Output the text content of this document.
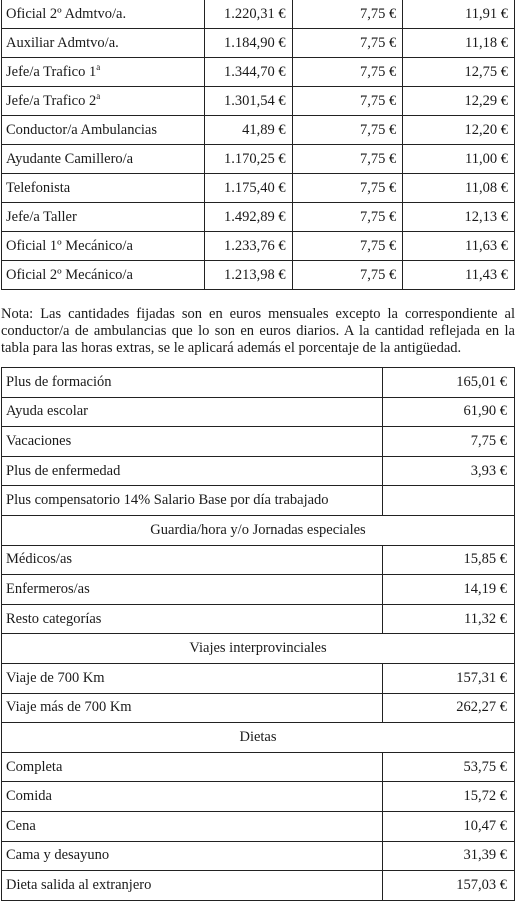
Oficial 2º Admtvo/a.	1.220,31 €	7,75 €	11,91 €
Auxiliar Admtvo/a.	1.184,90 €	7,75 €	11,18 €
Jefe/a Trafico 1$^a$	1.344,70 €	7,75 €	12,75 €
Jefe/a Trafico 2$^a$	1.301,54 €	7,75 €	12,29 €
Conductor/a Ambulancias	41,89 €	7,75 €	12,20 €
Ayudante Camillero/a	1.170,25 €	7,75 €	11,00 €
Telefonista	1.175,40 €	7,75 €	11,08 €
Jefe/a Taller	1.492,89 €	7,75 €	12,13 €
Oficial 1º Mecánico/a	1.233,76 €	7,75 €	11,63 €
Oficial 2º Mecánico/a	1.213,98 €	7,75 €	11,43 €
Nota: Las cantidades fijadas son en euros mensuales excepto la correspondiente al conductor/a de ambulancias que lo son en euros diarios. A la cantidad reflejada en la tabla para las horas extras, se le aplicará además el porcentaje de la antigüedad.
Plus de formación	165,01 €
Ayuda escolar	61,90 €
Vacaciones	7,75 €
Plus de enfermedad	3,93 €
Plus compensatorio 14% Salario Base por día trabajado	
Guardia/hora y/o Jornadas especiales	
Médicos/as	15,85 €
Enfermeros/as	14,19 €
Resto categorías	11,32 €
Viajes interprovinciales	
Viaje de 700 Km	157,31 €
Viaje más de 700 Km	262,27 €
Dietas	
Completa	53,75 €
Comida	15,72 €
Cena	10,47 €
Cama y desayuno	31,39 €
Dieta salida al extranjero	157,03 €
